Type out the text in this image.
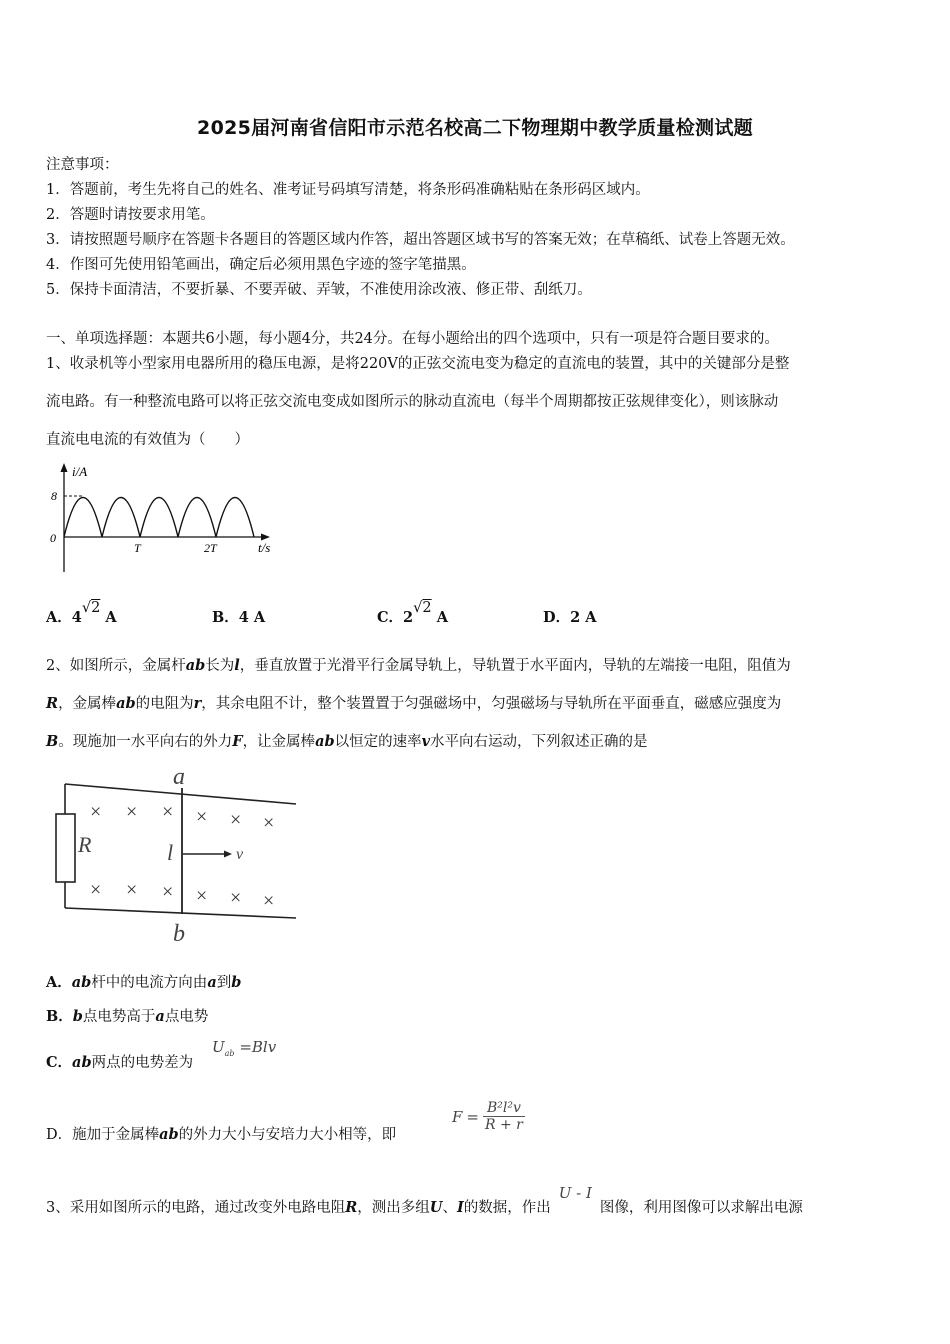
2025届河南省信阳市示范名校高二下物理期中教学质量检测试题
注意事项：
1．答题前，考生先将自己的姓名、准考证号码填写清楚，将条形码准确粘贴在条形码区域内。
2．答题时请按要求用笔。
3．请按照题号顺序在答题卡各题目的答题区域内作答，超出答题区域书写的答案无效；在草稿纸、试卷上答题无效。
4．作图可先使用铅笔画出，确定后必须用黑色字迹的签字笔描黑。
5．保持卡面清洁，不要折暴、不要弄破、弄皱，不准使用涂改液、修正带、刮纸刀。
一、单项选择题：本题共6小题，每小题4分，共24分。在每小题给出的四个选项中，只有一项是符合题目要求的。
1、收录机等小型家用电器所用的稳压电源，是将220V的正弦交流电变为稳定的直流电的装置，其中的关键部分是整
流电路。有一种整流电路可以将正弦交流电变成如图所示的脉动直流电（每半个周期都按正弦规律变化），则该脉动
直流电电流的有效值为（　　）
i/A
8
0
T	2T	t/s
A．4√2 A	B．4 A	C．2√2 A	D．2 A
2、如图所示，金属杆ab长为l，垂直放置于光滑平行金属导轨上，导轨置于水平面内，导轨的左端接一电阻，阻值为
R，金属棒ab的电阻为r，其余电阻不计，整个装置置于匀强磁场中，匀强磁场与导轨所在平面垂直，磁感应强度为
B。现施加一水平向右的外力F，让金属棒ab以恒定的速率v水平向右运动，下列叙述正确的是
R
a
b
l	v
× × × × × ×
× × × × × ×
A．ab杆中的电流方向由a到b
B．b点电势高于a点电势
C．ab两点的电势差为
$U_{ab} =Blv$
D．施加于金属棒ab的外力大小与安培力大小相等，即
$F = \frac{\text{B²l²v}}{R + r}$
3、采用如图所示的电路，通过改变外电路电阻R，测出多组U、I的数据，作出U - I图像，利用图像可以求解出电源
